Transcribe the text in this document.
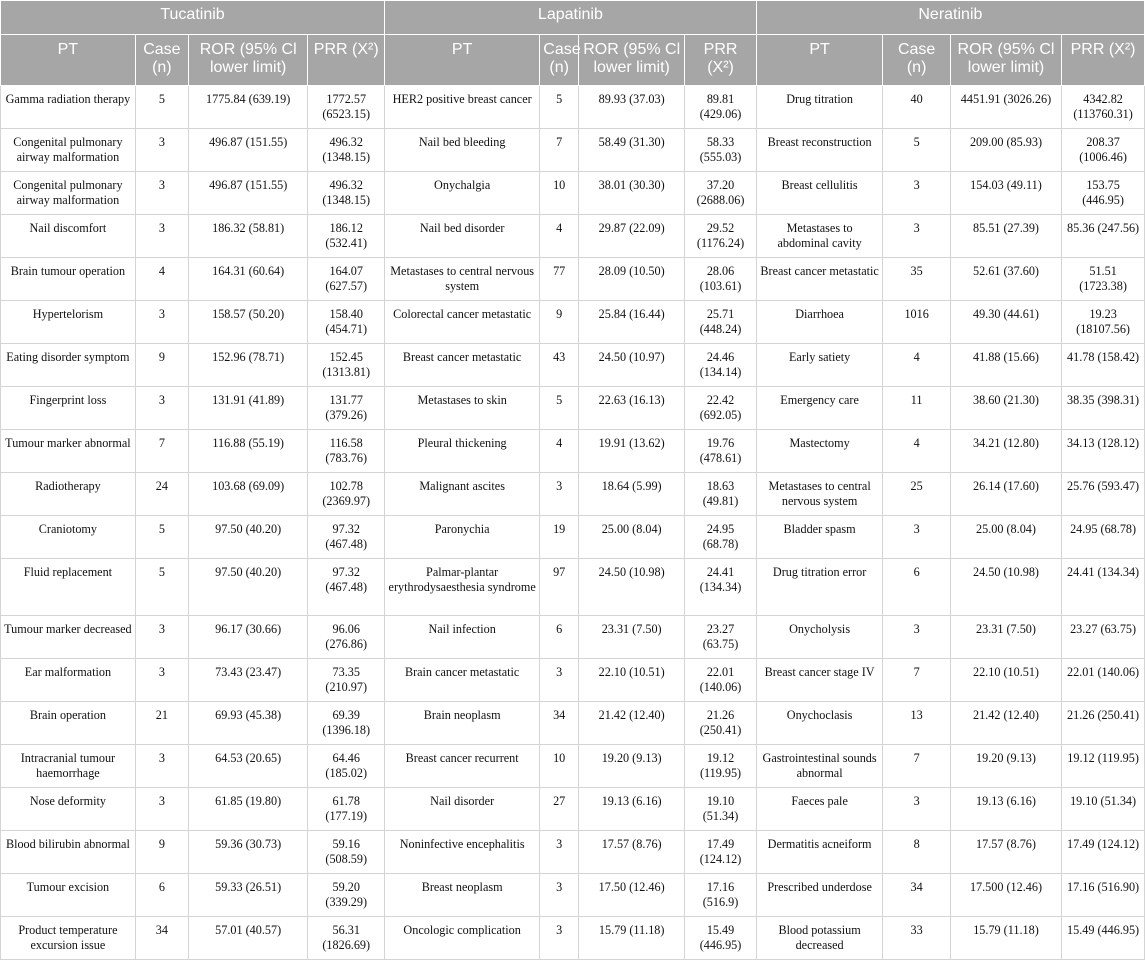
Tucatinib				Lapatinib				Neratinib			
PT	Case (n)	ROR (95% Cl lower limit)	PRR (X²)	PT	Case (n)	ROR (95% Cl lower limit)	PRR (X²)	PT	Case (n)	ROR (95% Cl lower limit)	PRR (X²)
Gamma radiation therapy	5	1775.84 (639.19)	1772.57 (6523.15)	HER2 positive breast cancer	5	89.93 (37.03)	89.81 (429.06)	Drug titration	40	4451.91 (3026.26)	4342.82 (113760.31)
Congenital pulmonary airway malformation	3	496.87 (151.55)	496.32 (1348.15)	Nail bed bleeding	7	58.49 (31.30)	58.33 (555.03)	Breast reconstruction	5	209.00 (85.93)	208.37 (1006.46)
Congenital pulmonary airway malformation	3	496.87 (151.55)	496.32 (1348.15)	Onychalgia	10	38.01 (30.30)	37.20 (2688.06)	Breast cellulitis	3	154.03 (49.11)	153.75 (446.95)
Nail discomfort	3	186.32 (58.81)	186.12 (532.41)	Nail bed disorder	4	29.87 (22.09)	29.52 (1176.24)	Metastases to abdominal cavity	3	85.51 (27.39)	85.36 (247.56)
Brain tumour operation	4	164.31 (60.64)	164.07 (627.57)	Metastases to central nervous system	77	28.09 (10.50)	28.06 (103.61)	Breast cancer metastatic	35	52.61 (37.60)	51.51 (1723.38)
Hypertelorism	3	158.57 (50.20)	158.40 (454.71)	Colorectal cancer metastatic	9	25.84 (16.44)	25.71 (448.24)	Diarrhoea	1016	49.30 (44.61)	19.23 (18107.56)
Eating disorder symptom	9	152.96 (78.71)	152.45 (1313.81)	Breast cancer metastatic	43	24.50 (10.97)	24.46 (134.14)	Early satiety	4	41.88 (15.66)	41.78 (158.42)
Fingerprint loss	3	131.91 (41.89)	131.77 (379.26)	Metastases to skin	5	22.63 (16.13)	22.42 (692.05)	Emergency care	11	38.60 (21.30)	38.35 (398.31)
Tumour marker abnormal	7	116.88 (55.19)	116.58 (783.76)	Pleural thickening	4	19.91 (13.62)	19.76 (478.61)	Mastectomy	4	34.21 (12.80)	34.13 (128.12)
Radiotherapy	24	103.68 (69.09)	102.78 (2369.97)	Malignant ascites	3	18.64 (5.99)	18.63 (49.81)	Metastases to central nervous system	25	26.14 (17.60)	25.76 (593.47)
Craniotomy	5	97.50 (40.20)	97.32 (467.48)	Paronychia	19	25.00 (8.04)	24.95 (68.78)	Bladder spasm	3	25.00 (8.04)	24.95 (68.78)
Fluid replacement	5	97.50 (40.20)	97.32 (467.48)	Palmar-plantar erythrodysaesthesia syndrome	97	24.50 (10.98)	24.41 (134.34)	Drug titration error	6	24.50 (10.98)	24.41 (134.34)
Tumour marker decreased	3	96.17 (30.66)	96.06 (276.86)	Nail infection	6	23.31 (7.50)	23.27 (63.75)	Onycholysis	3	23.31 (7.50)	23.27 (63.75)
Ear malformation	3	73.43 (23.47)	73.35 (210.97)	Brain cancer metastatic	3	22.10 (10.51)	22.01 (140.06)	Breast cancer stage IV	7	22.10 (10.51)	22.01 (140.06)
Brain operation	21	69.93 (45.38)	69.39 (1396.18)	Brain neoplasm	34	21.42 (12.40)	21.26 (250.41)	Onychoclasis	13	21.42 (12.40)	21.26 (250.41)
Intracranial tumour haemorrhage	3	64.53 (20.65)	64.46 (185.02)	Breast cancer recurrent	10	19.20 (9.13)	19.12 (119.95)	Gastrointestinal sounds abnormal	7	19.20 (9.13)	19.12 (119.95)
Nose deformity	3	61.85 (19.80)	61.78 (177.19)	Nail disorder	27	19.13 (6.16)	19.10 (51.34)	Faeces pale	3	19.13 (6.16)	19.10 (51.34)
Blood bilirubin abnormal	9	59.36 (30.73)	59.16 (508.59)	Noninfective encephalitis	3	17.57 (8.76)	17.49 (124.12)	Dermatitis acneiform	8	17.57 (8.76)	17.49 (124.12)
Tumour excision	6	59.33 (26.51)	59.20 (339.29)	Breast neoplasm	3	17.50 (12.46)	17.16 (516.9)	Prescribed underdose	34	17.500 (12.46)	17.16 (516.90)
Product temperature excursion issue	34	57.01 (40.57)	56.31 (1826.69)	Oncologic complication	3	15.79 (11.18)	15.49 (446.95)	Blood potassium decreased	33	15.79 (11.18)	15.49 (446.95)
